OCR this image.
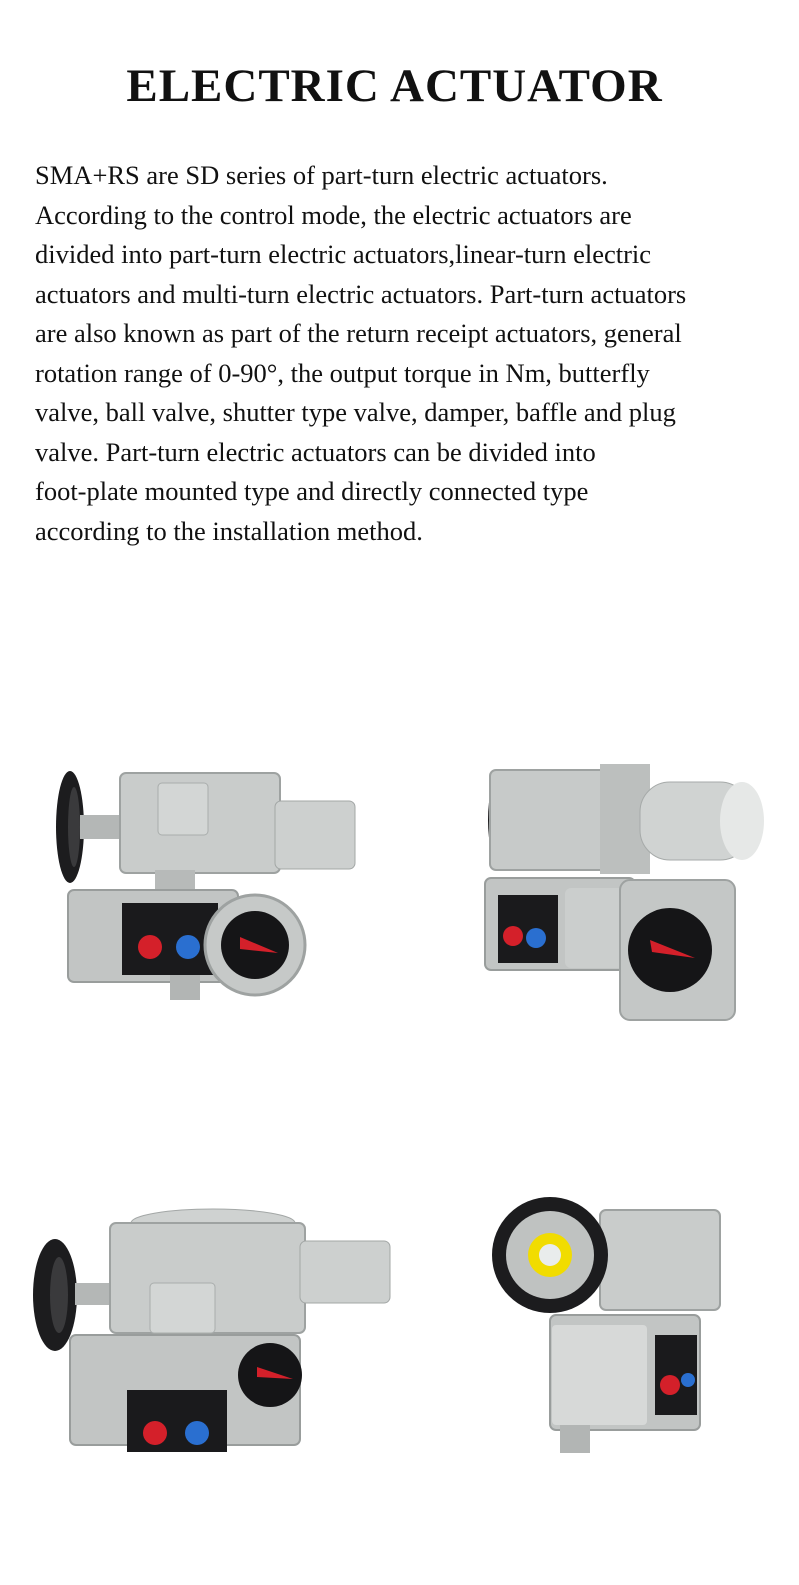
ELECTRIC ACTUATOR

SMA+RS are SD series of part-turn electric actuators.
According to the control mode, the electric actuators are
divided into part-turn electric actuators,linear-turn electric
actuators and multi-turn electric actuators. Part-turn actuators
are also known as part of the return receipt actuators, general
rotation range of 0-90°, the output torque in Nm, butterfly
valve, ball valve, shutter type valve, damper, baffle and plug
valve. Part-turn electric actuators can be divided into
foot-plate mounted type and directly connected type
according to the installation method.
